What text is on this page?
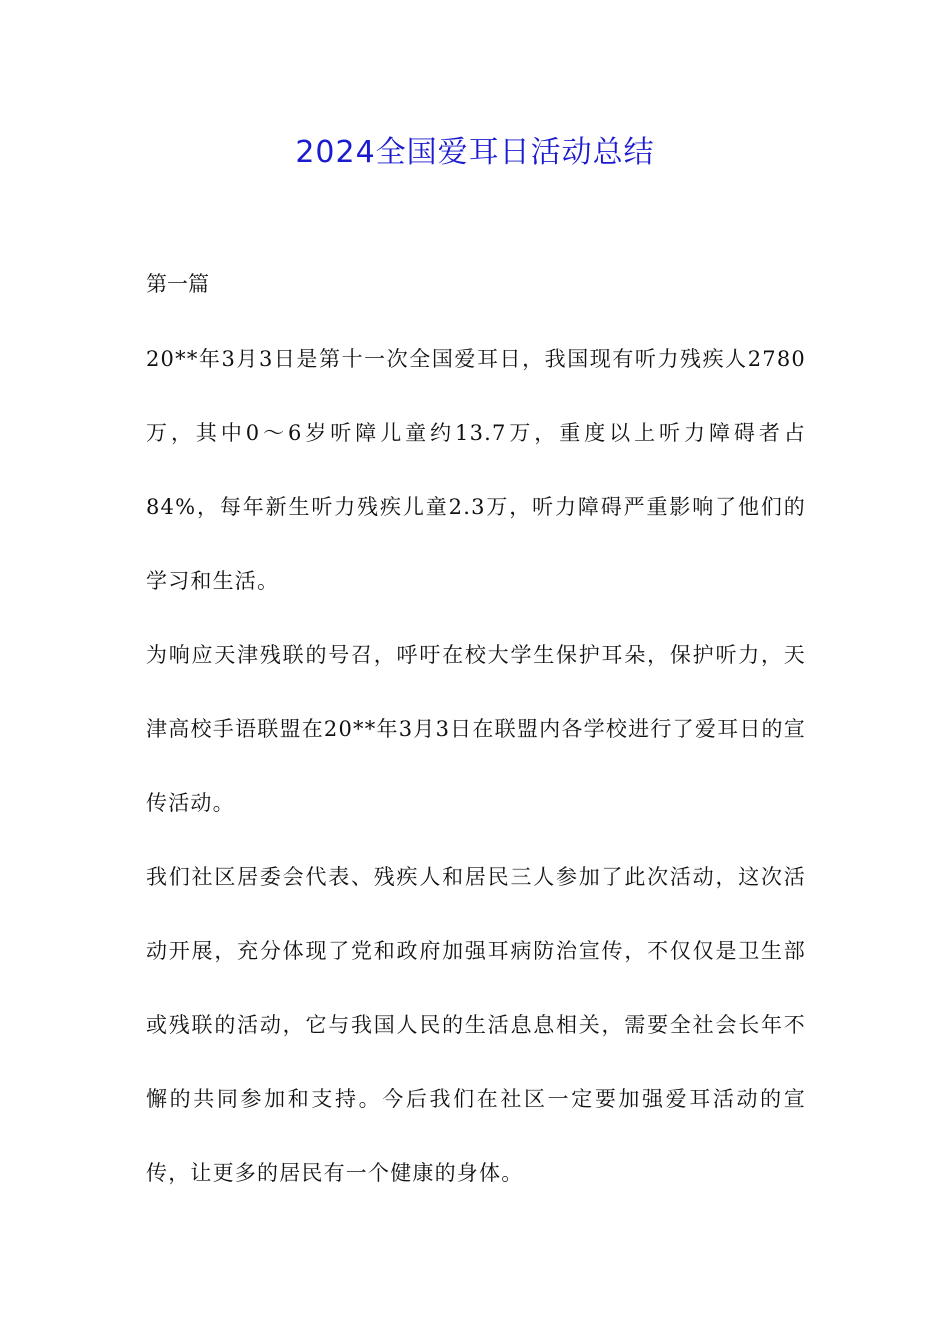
2024全国爱耳日活动总结
第一篇

20**年3月3日是第十一次全国爱耳日，我国现有听力残疾人2780万，其中0～6岁听障儿童约13.7万，重度以上听力障碍者占84%，每年新生听力残疾儿童2.3万，听力障碍严重影响了他们的学习和生活。

为响应天津残联的号召，呼吁在校大学生保护耳朵，保护听力，天津高校手语联盟在20**年3月3日在联盟内各学校进行了爱耳日的宣传活动。

我们社区居委会代表、残疾人和居民三人参加了此次活动，这次活动开展，充分体现了党和政府加强耳病防治宣传，不仅仅是卫生部或残联的活动，它与我国人民的生活息息相关，需要全社会长年不懈的共同参加和支持。今后我们在社区一定要加强爱耳活动的宣传，让更多的居民有一个健康的身体。
